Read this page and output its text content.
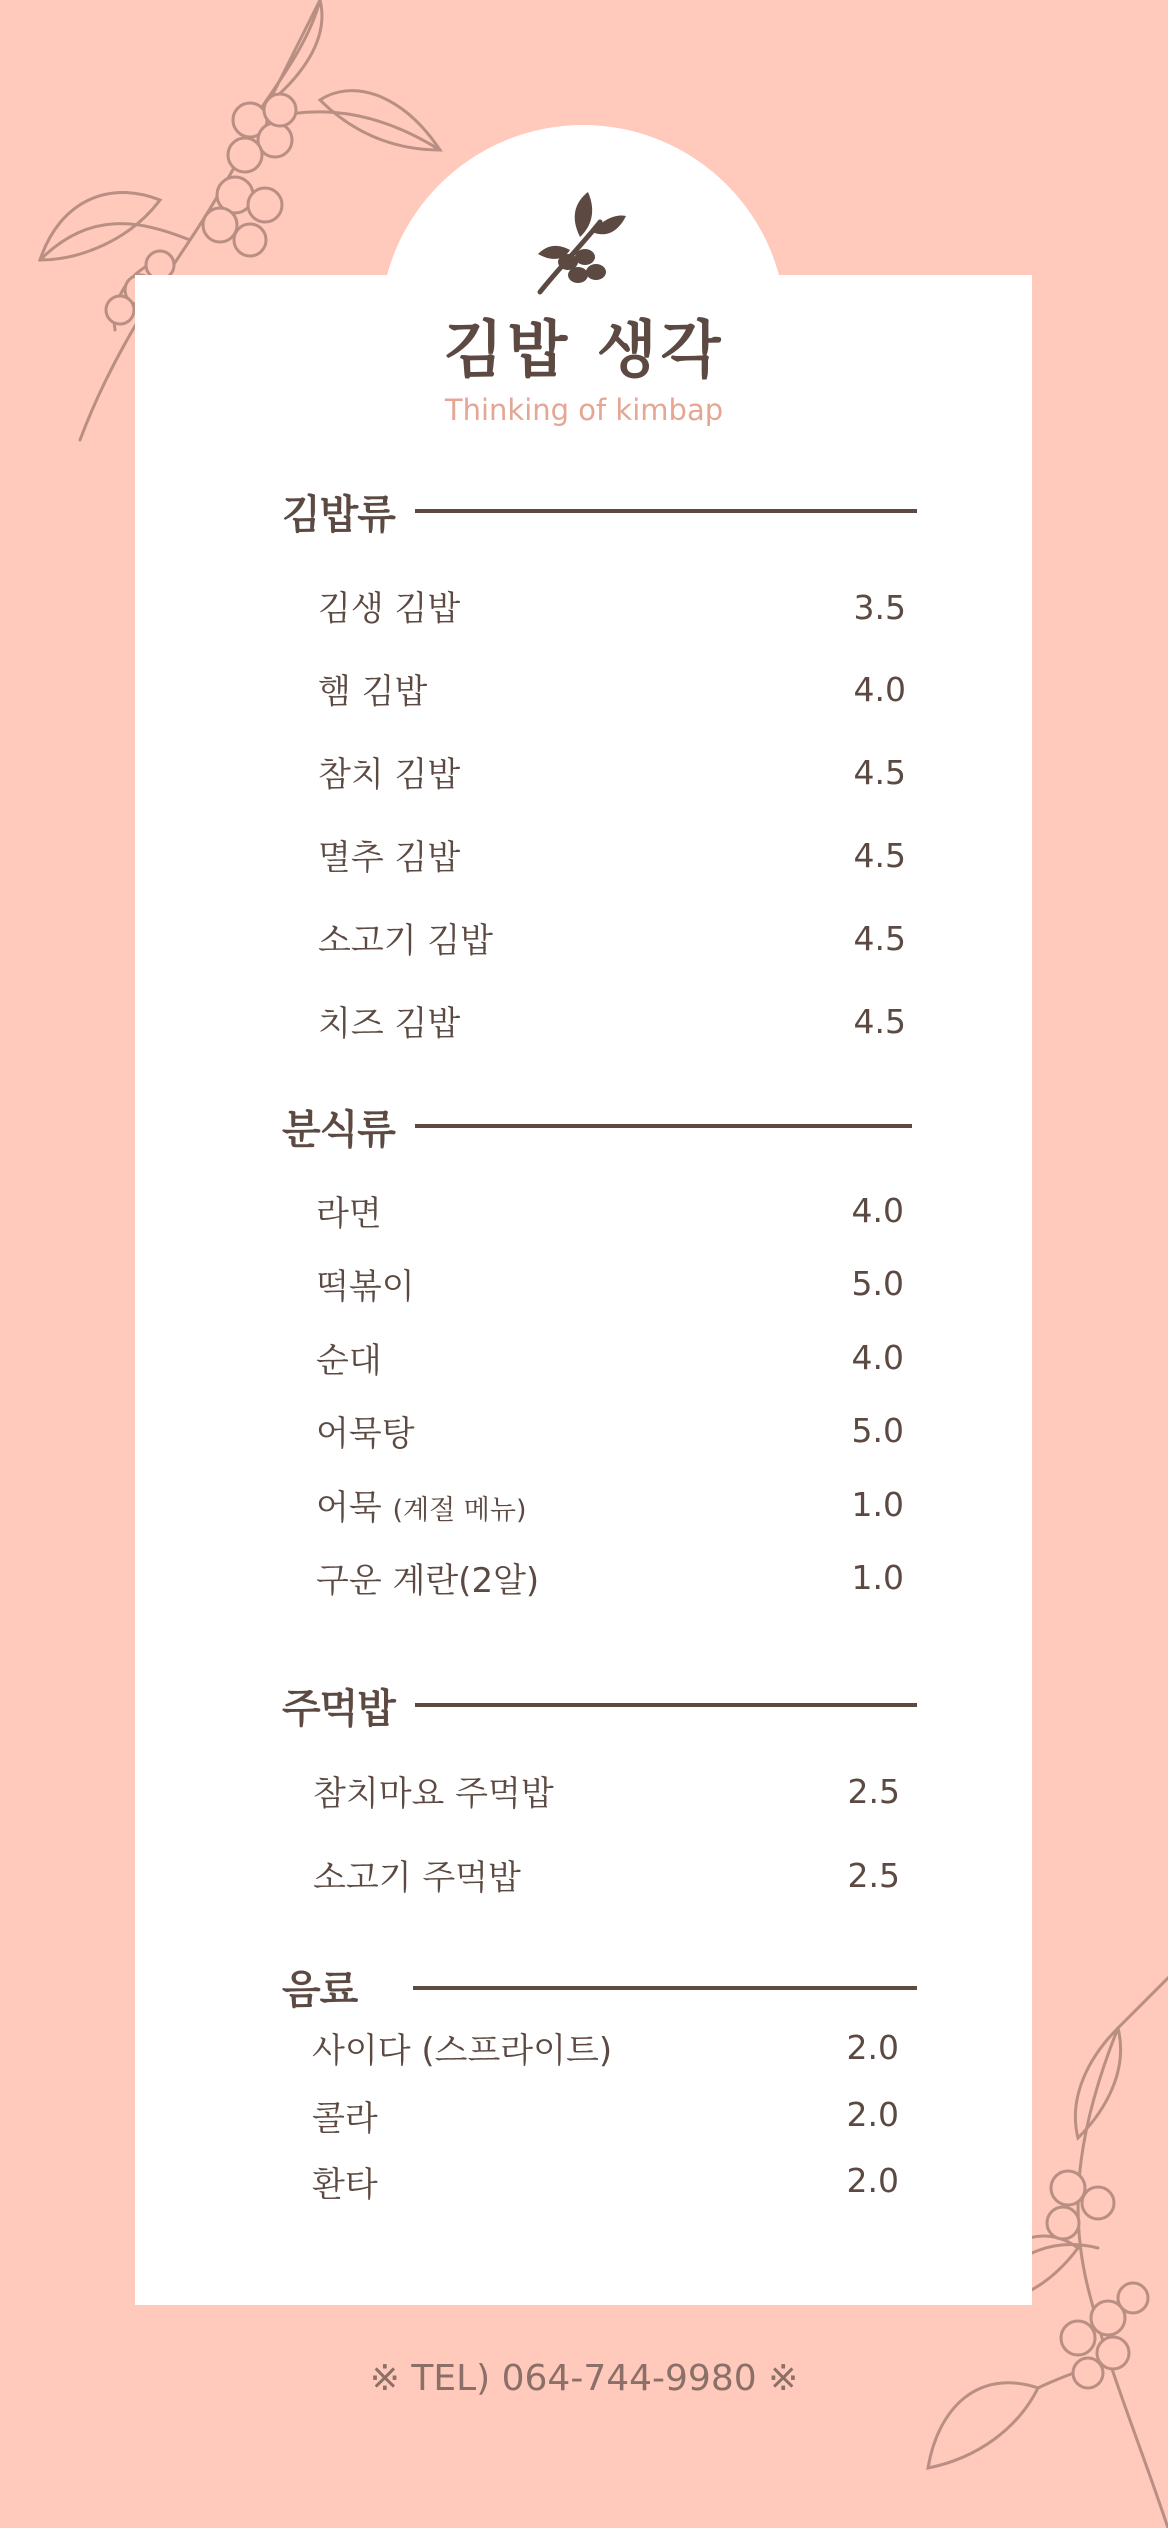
김밥 생각
Thinking of kimbap
김밥류
김생 김밥	3.5
햄 김밥	4.0
참치 김밥	4.5
멸추 김밥	4.5
소고기 김밥	4.5
치즈 김밥	4.5
분식류
라면	4.0
떡볶이	5.0
순대	4.0
어묵탕	5.0
어묵 (계절 메뉴)	1.0
구운 계란(2알)	1.0
주먹밥
참치마요 주먹밥	2.5
소고기 주먹밥	2.5
음료
사이다 (스프라이트)	2.0
콜라	2.0
환타	2.0
※ TEL) 064-744-9980 ※
